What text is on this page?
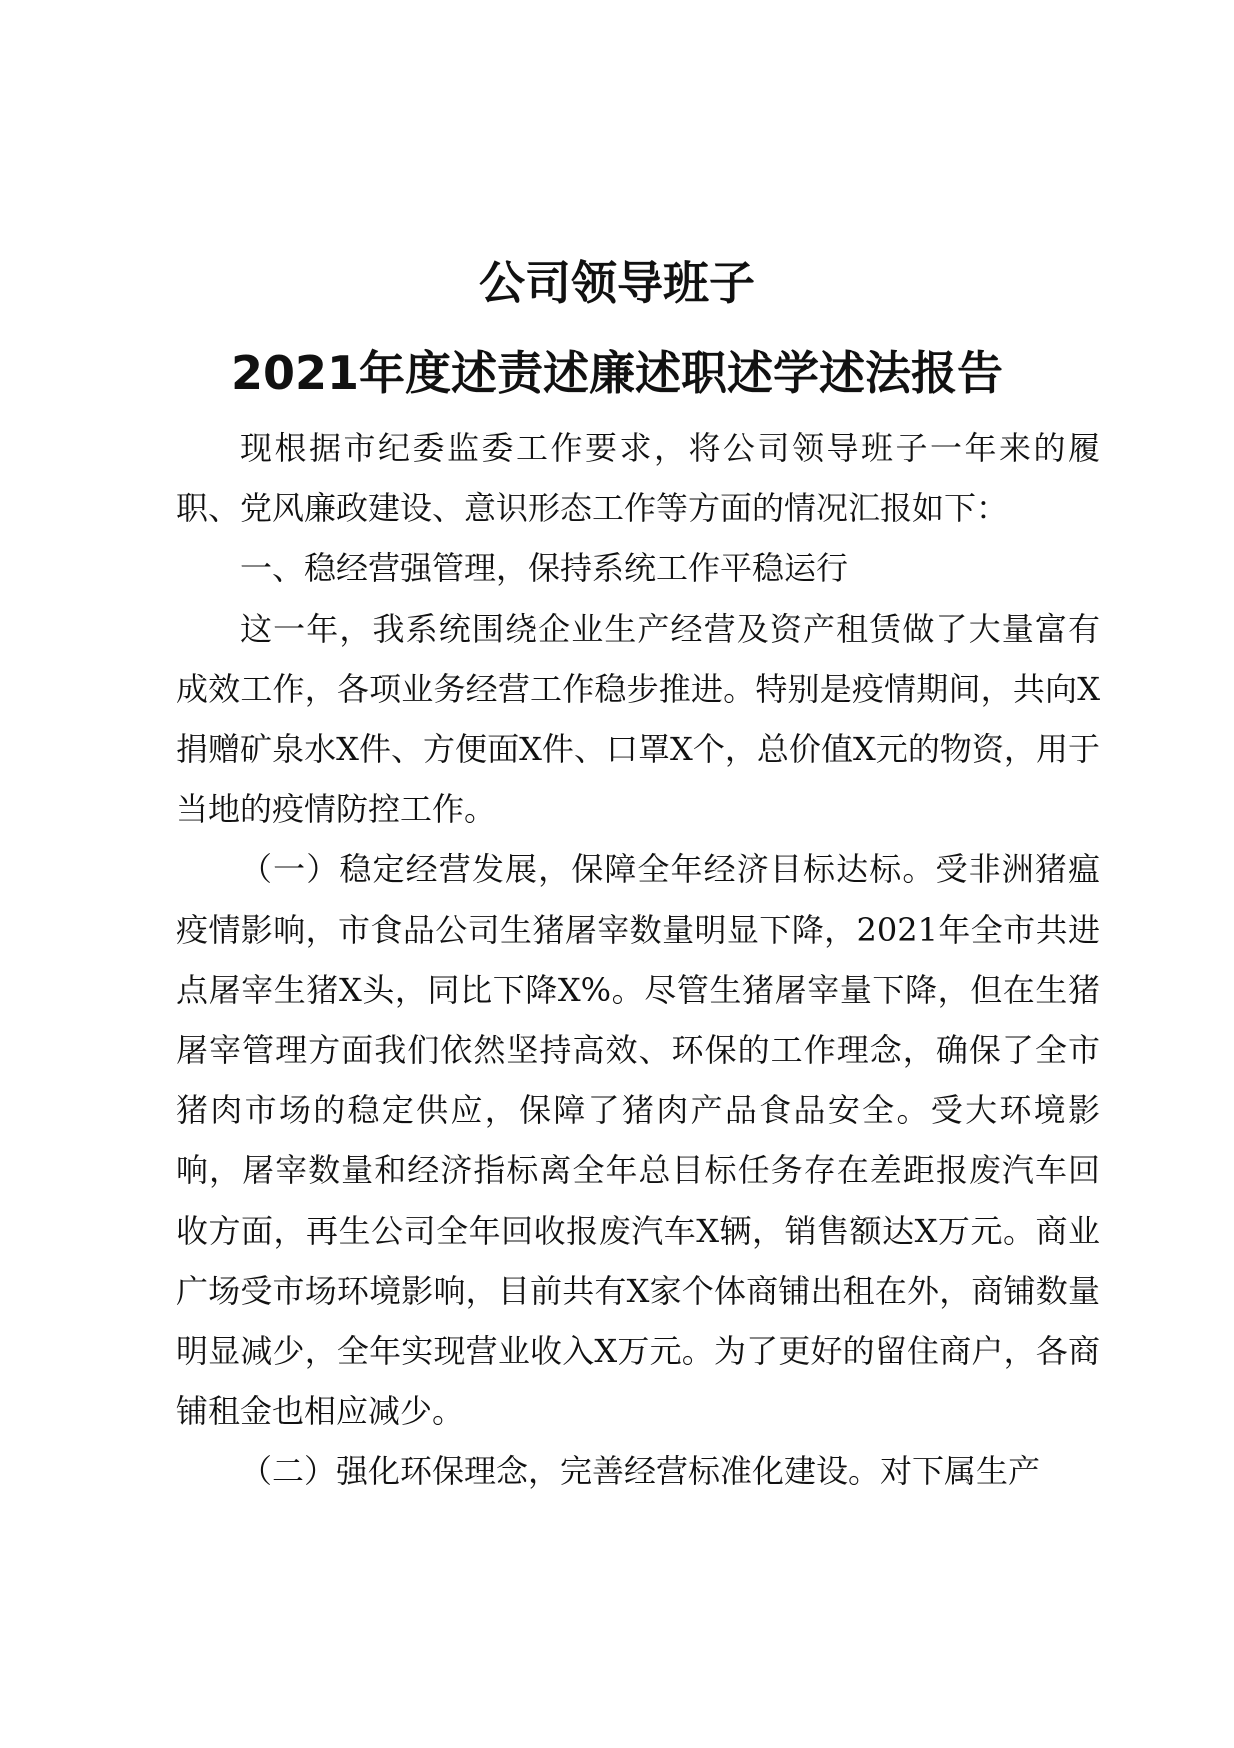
公司领导班子
2021年度述责述廉述职述学述法报告

现根据市纪委监委工作要求，将公司领导班子一年来的履职、党风廉政建设、意识形态工作等方面的情况汇报如下：

一、稳经营强管理，保持系统工作平稳运行

这一年，我系统围绕企业生产经营及资产租赁做了大量富有成效工作，各项业务经营工作稳步推进。特别是疫情期间，共向X捐赠矿泉水X件、方便面X件、口罩X个，总价值X元的物资，用于当地的疫情防控工作。

（一）稳定经营发展，保障全年经济目标达标。受非洲猪瘟疫情影响，市食品公司生猪屠宰数量明显下降，2021年全市共进点屠宰生猪X头，同比下降X%。尽管生猪屠宰量下降，但在生猪屠宰管理方面我们依然坚持高效、环保的工作理念，确保了全市猪肉市场的稳定供应，保障了猪肉产品食品安全。受大环境影响，屠宰数量和经济指标离全年总目标任务存在差距报废汽车回收方面，再生公司全年回收报废汽车X辆，销售额达X万元。商业广场受市场环境影响，目前共有X家个体商铺出租在外，商铺数量明显减少，全年实现营业收入X万元。为了更好的留住商户，各商铺租金也相应减少。

（二）强化环保理念，完善经营标准化建设。对下属生产
